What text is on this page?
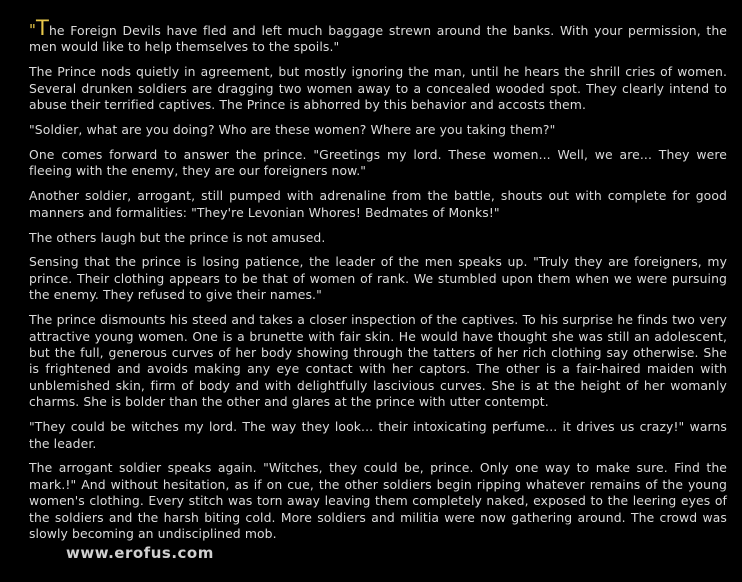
"The Foreign Devils have fled and left much baggage strewn around the banks. With your permission, the men would like to help themselves to the spoils."

The Prince nods quietly in agreement, but mostly ignoring the man, until he hears the shrill cries of women. Several drunken soldiers are dragging two women away to a concealed wooded spot. They clearly intend to abuse their terrified captives. The Prince is abhorred by this behavior and accosts them.

"Soldier, what are you doing? Who are these women? Where are you taking them?"

One comes forward to answer the prince. "Greetings my lord. These women... Well, we are... They were fleeing with the enemy, they are our foreigners now."

Another soldier, arrogant, still pumped with adrenaline from the battle, shouts out with complete for good manners and formalities: "They're Levonian Whores! Bedmates of Monks!"

The others laugh but the prince is not amused.

Sensing that the prince is losing patience, the leader of the men speaks up. "Truly they are foreigners, my prince. Their clothing appears to be that of women of rank. We stumbled upon them when we were pursuing the enemy. They refused to give their names."

The prince dismounts his steed and takes a closer inspection of the captives. To his surprise he finds two very attractive young women. One is a brunette with fair skin. He would have thought she was still an adolescent, but the full, generous curves of her body showing through the tatters of her rich clothing say otherwise. She is frightened and avoids making any eye contact with her captors. The other is a fair-haired maiden with unblemished skin, firm of body and with delightfully lascivious curves. She is at the height of her womanly charms. She is bolder than the other and glares at the prince with utter contempt.

"They could be witches my lord. The way they look... their intoxicating perfume... it drives us crazy!" warns the leader.

The arrogant soldier speaks again. "Witches, they could be, prince. Only one way to make sure. Find the mark.!" And without hesitation, as if on cue, the other soldiers begin ripping whatever remains of the young women's clothing. Every stitch was torn away leaving them completely naked, exposed to the leering eyes of the soldiers and the harsh biting cold. More soldiers and militia were now gathering around. The crowd was slowly becoming an undisciplined mob.

www.erofus.com
